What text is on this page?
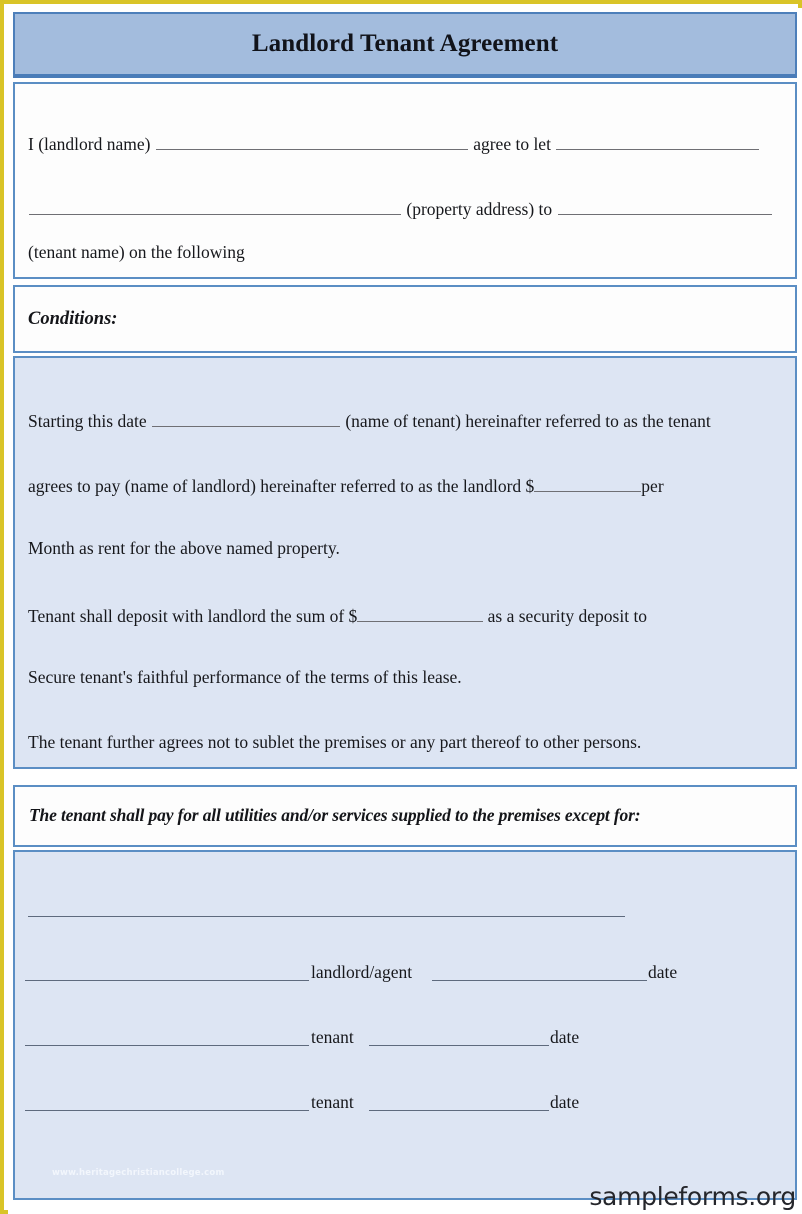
Landlord Tenant Agreement
I (landlord name)	agree to let
(property address) to
(tenant name) on the following
Conditions:
Starting this date	(name of tenant) hereinafter referred to as the tenant
agrees to pay (name of landlord) hereinafter referred to as the landlord $	per
Month as rent for the above named property.
Tenant shall deposit with landlord the sum of $	as a security deposit to
Secure tenant's faithful performance of the terms of this lease.
The tenant further agrees not to sublet the premises or any part thereof to other persons.
The tenant shall pay for all utilities and/or services supplied to the premises except for:
landlord/agent	date
tenant	date
tenant	date
www.heritagechristiancollege.com
sampleforms.org
